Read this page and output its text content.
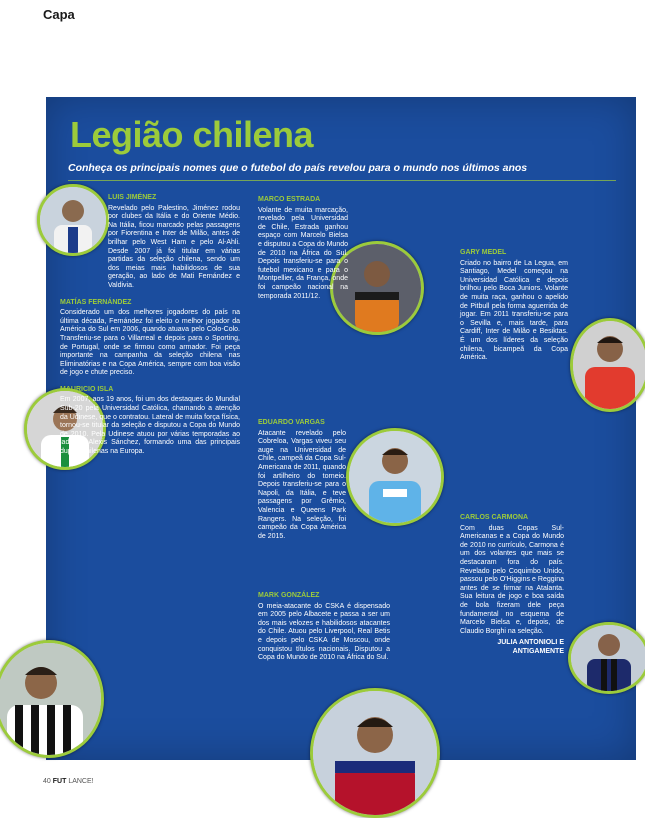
Capa
Legião chilena
Conheça os principais nomes que o futebol do país revelou para o mundo nos últimos anos
LUIS JIMÉNEZ

Revelado pelo Palestino, Jiménez rodou por clubes da Itália e do Oriente Médio. Na Itália, ficou marcado pelas passagens por Fiorentina e Inter de Milão, antes de brilhar pelo West Ham e pelo Al-Ahli. Desde 2007 já foi titular em várias partidas da seleção chilena, sendo um dos meias mais habilidosos de sua geração, ao lado de Mati Fernández e Valdivia.

MATÍAS FERNÁNDEZ

Considerado um dos melhores jogadores do país na última década, Fernández foi eleito o melhor jogador da América do Sul em 2006, quando atuava pelo Colo-Colo. Transferiu-se para o Villarreal e depois para o Sporting, de Portugal, onde se firmou como armador. Foi peça importante na campanha da seleção chilena nas Eliminatórias e na Copa América, sempre com boa visão de jogo e chute preciso.

MAURICIO ISLA

Em 2007, aos 19 anos, foi um dos destaques do Mundial Sub-20 pela Universidad Católica, chamando a atenção da Udinese, que o contratou. Lateral de muita força física, tornou-se titular da seleção e disputou a Copa do Mundo de 2010. Pela Udinese atuou por várias temporadas ao lado de Alexis Sánchez, formando uma das principais duplas chilenas na Europa.

MARCO ESTRADA

Volante de muita marcação, revelado pela Universidad de Chile, Estrada ganhou espaço com Marcelo Bielsa e disputou a Copa do Mundo de 2010 na África do Sul. Depois transferiu-se para o futebol mexicano e para o Montpellier, da França, onde foi campeão nacional na temporada 2011/12.

EDUARDO VARGAS

Atacante revelado pelo Cobreloa, Vargas viveu seu auge na Universidad de Chile, campeã da Copa Sul-Americana de 2011, quando foi artilheiro do torneio. Depois transferiu-se para o Napoli, da Itália, e teve passagens por Grêmio, Valencia e Queens Park Rangers. Na seleção, foi campeão da Copa América de 2015.

MARK GONZÁLEZ

O meia-atacante do CSKA é dispensado em 2005 pelo Albacete e passa a ser um dos mais velozes e habilidosos atacantes do Chile. Atuou pelo Liverpool, Real Betis e depois pelo CSKA de Moscou, onde conquistou títulos nacionais. Disputou a Copa do Mundo de 2010 na África do Sul.

GARY MEDEL

Criado no bairro de La Legua, em Santiago, Medel começou na Universidad Católica e depois brilhou pelo Boca Juniors. Volante de muita raça, ganhou o apelido de Pitbull pela forma aguerrida de jogar. Em 2011 transferiu-se para o Sevilla e, mais tarde, para Cardiff, Inter de Milão e Besiktas. É um dos líderes da seleção chilena, bicampeã da Copa América.

CARLOS CARMONA

Com duas Copas Sul-Americanas e a Copa do Mundo de 2010 no currículo, Carmona é um dos volantes que mais se destacaram fora do país. Revelado pelo Coquimbo Unido, passou pelo O'Higgins e Reggina antes de se firmar na Atalanta. Sua leitura de jogo e boa saída de bola fizeram dele peça fundamental no esquema de Marcelo Bielsa e, depois, de Claudio Borghi na seleção.

JULIA ANTONIOLI E ANTIGAMENTE
40 FUT LANCE!
